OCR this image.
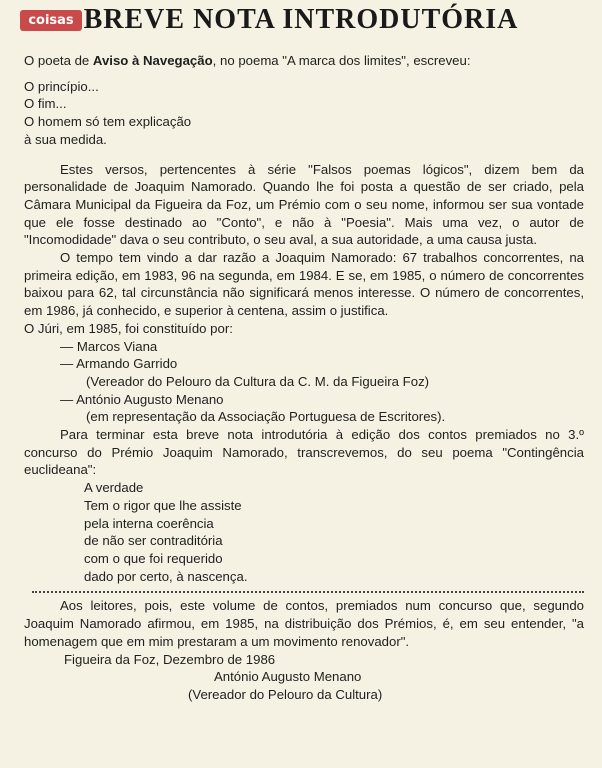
coisas BREVE NOTA INTRODUTÓRIA

O poeta de Aviso à Navegação, no poema "A marca dos limites", escreveu:

O princípio...

O fim...

O homem só tem explicação

à sua medida.

Estes versos, pertencentes à série "Falsos poemas lógicos", dizem bem da personalidade de Joaquim Namorado. Quando lhe foi posta a questão de ser criado, pela Câmara Municipal da Figueira da Foz, um Prémio com o seu nome, informou ser sua vontade que ele fosse destinado ao "Conto", e não à "Poesia". Mais uma vez, o autor de "Incomodidade" dava o seu contributo, o seu aval, a sua autoridade, a uma causa justa.

O tempo tem vindo a dar razão a Joaquim Namorado: 67 trabalhos concorrentes, na primeira edição, em 1983, 96 na segunda, em 1984. E se, em 1985, o número de concorrentes baixou para 62, tal circunstância não significará menos interesse. O número de concorrentes, em 1986, já conhecido, e superior à centena, assim o justifica.

O Júri, em 1985, foi constituído por:

— Marcos Viana

— Armando Garrido

(Vereador do Pelouro da Cultura da C. M. da Figueira Foz)

— António Augusto Menano

(em representação da Associação Portuguesa de Escritores).

Para terminar esta breve nota introdutória à edição dos contos premiados no 3.º concurso do Prémio Joaquim Namorado, transcrevemos, do seu poema "Contingência euclideana":

A verdade

Tem o rigor que lhe assiste

pela interna coerência

de não ser contraditória

com o que foi requerido

dado por certo, à nascença.

Aos leitores, pois, este volume de contos, premiados num concurso que, segundo Joaquim Namorado afirmou, em 1985, na distribuição dos Prémios, é, em seu entender, "a homenagem que em mim prestaram a um movimento renovador".

Figueira da Foz, Dezembro de 1986

António Augusto Menano

(Vereador do Pelouro da Cultura)
